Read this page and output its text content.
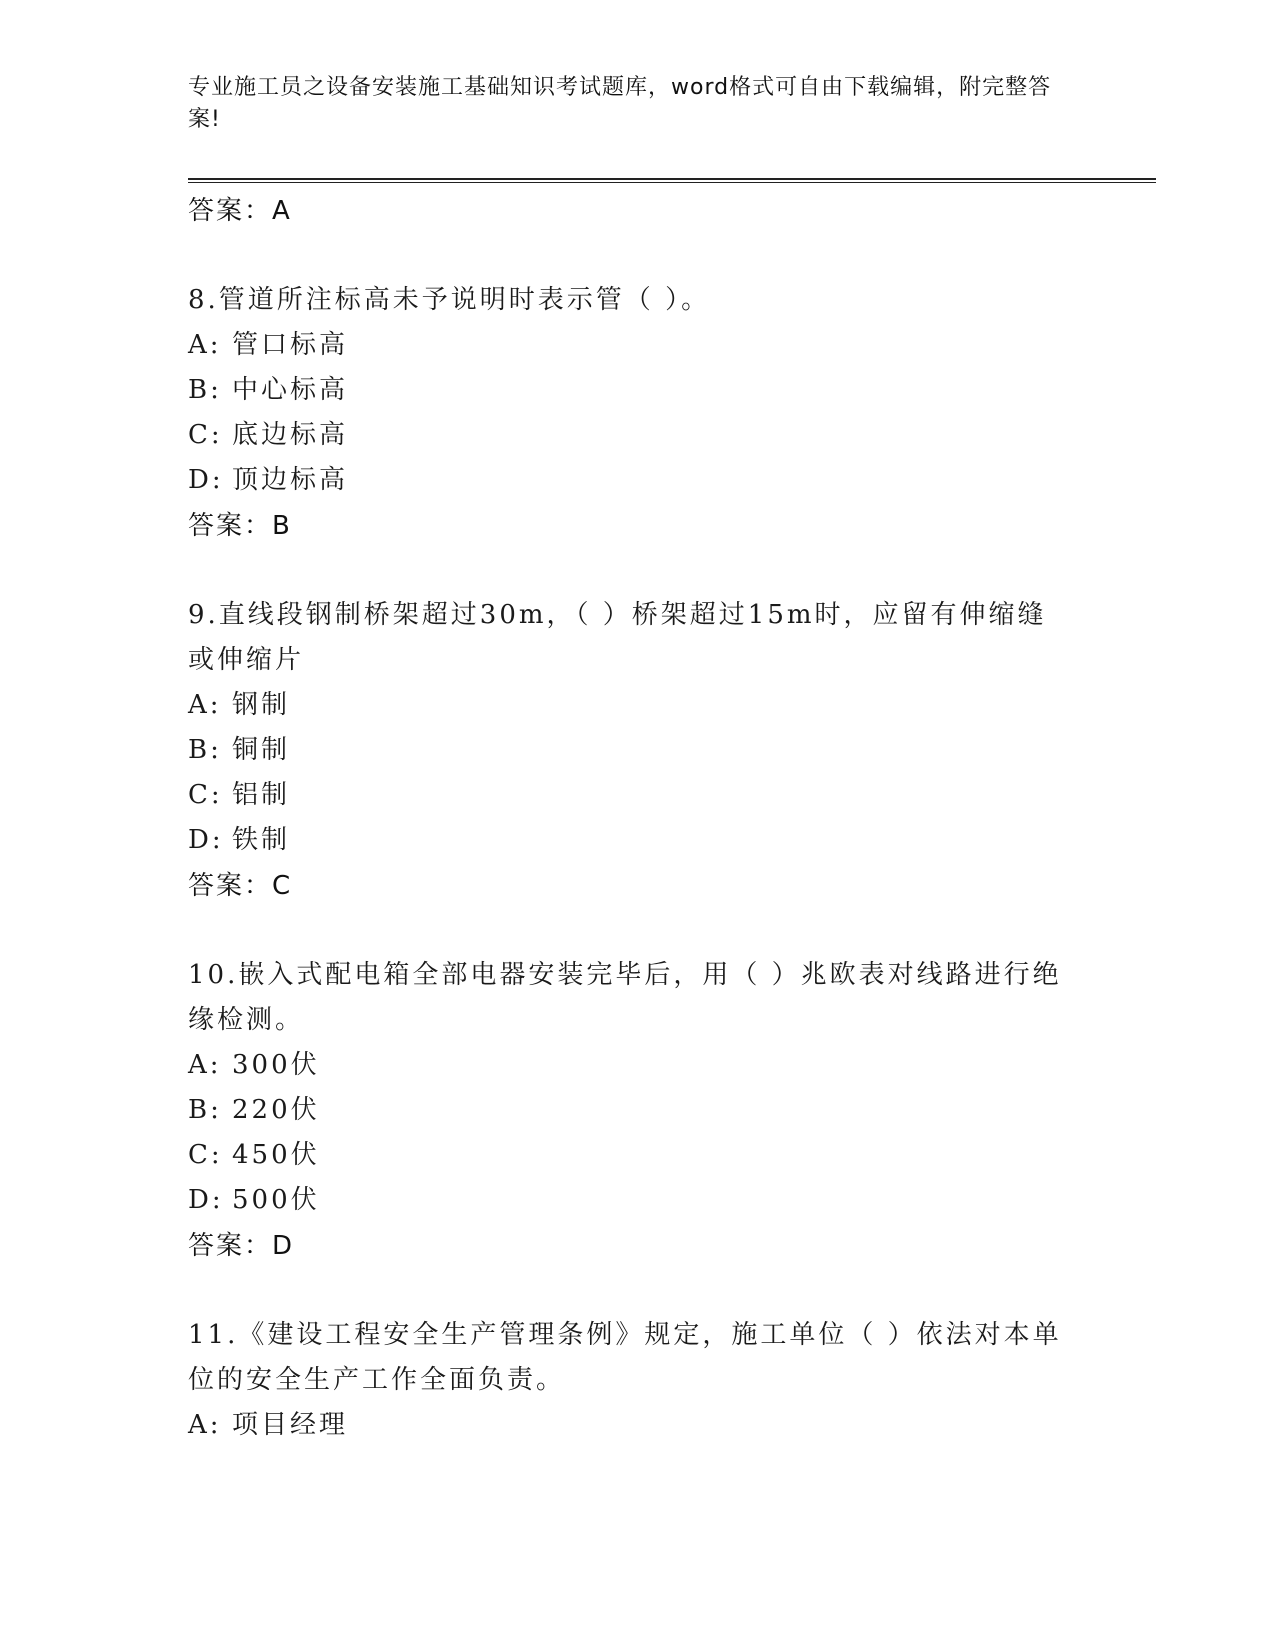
专业施工员之设备安装施工基础知识考试题库，word格式可自由下载编辑，附完整答案!
答案：A
8.管道所注标高未予说明时表示管（ ）。
A: 管口标高
B: 中心标高
C: 底边标高
D: 顶边标高
答案：B
9.直线段钢制桥架超过30m，（ ）桥架超过15m时，应留有伸缩缝或伸缩片
A: 钢制
B: 铜制
C: 铝制
D: 铁制
答案：C
10.嵌入式配电箱全部电器安装完毕后，用（ ）兆欧表对线路进行绝缘检测。
A: 300伏
B: 220伏
C: 450伏
D: 500伏
答案：D
11.《建设工程安全生产管理条例》规定，施工单位（ ）依法对本单位的安全生产工作全面负责。
A: 项目经理
